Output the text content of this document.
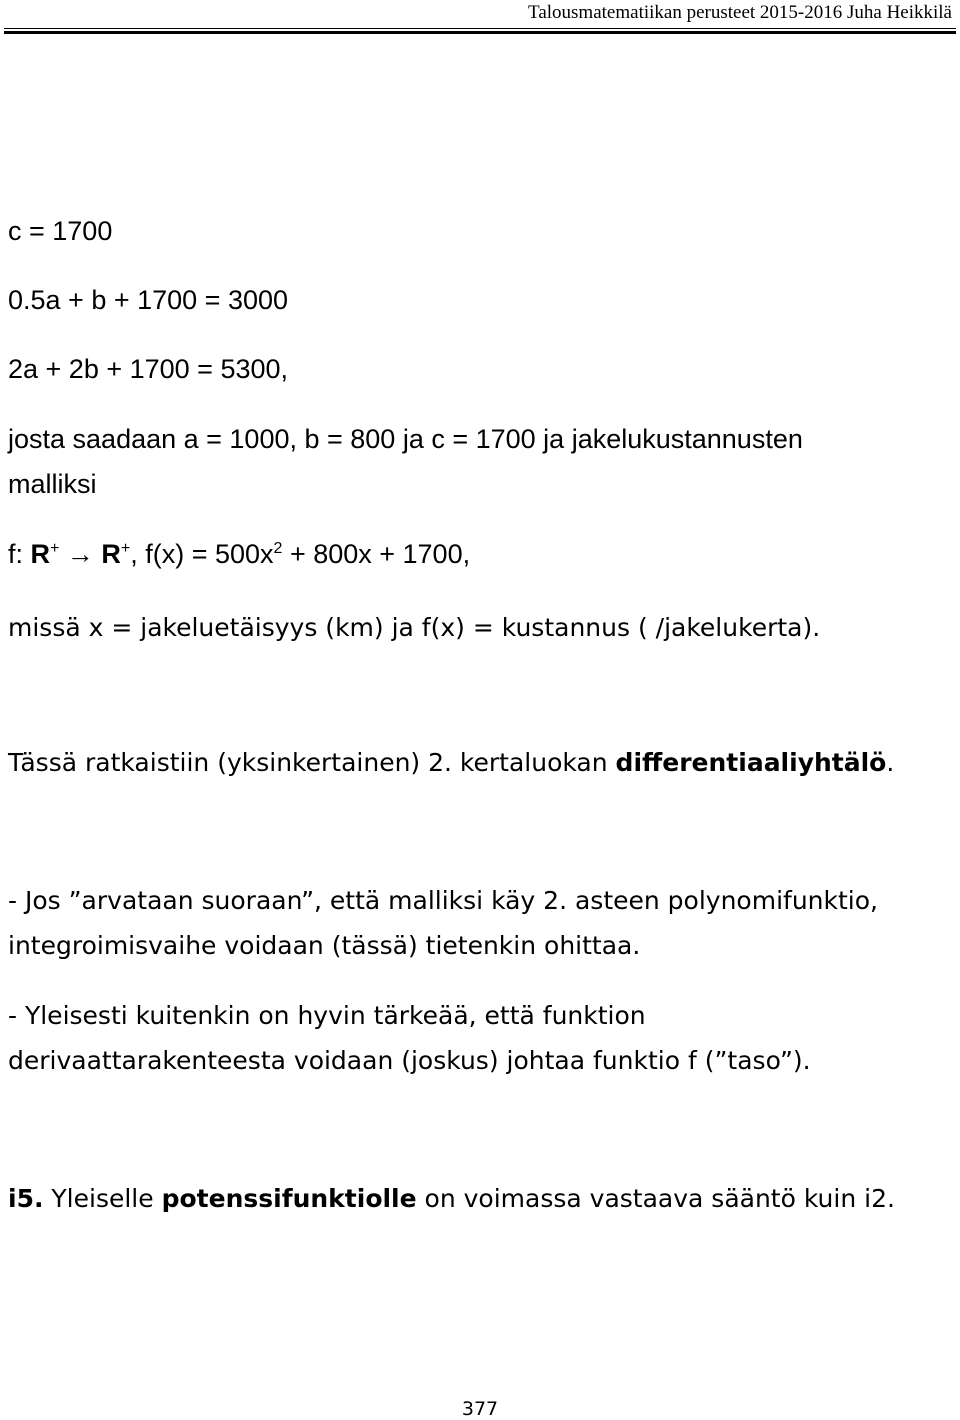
Talousmatematiikan perusteet 2015-2016 Juha Heikkilä
c = 1700
0.5a + b + 1700 = 3000
2a + 2b + 1700 = 5300,
josta saadaan a = 1000, b = 800 ja c = 1700 ja jakelukustannusten
malliksi
f: R+ → R+, $f(x) = 500x^2 + 800x + 1700$,
missä x = jakeluetäisyys (km) ja f(x) = kustannus ( /jakelukerta).
Tässä ratkaistiin (yksinkertainen) 2. kertaluokan differentiaaliyhtälö.
- Jos ”arvataan suoraan”, että malliksi käy 2. asteen polynomifunktio,
integroimisvaihe voidaan (tässä) tietenkin ohittaa.
- Yleisesti kuitenkin on hyvin tärkeää, että funktion
derivaattarakenteesta voidaan (joskus) johtaa funktio f (”taso”).
i5. Yleiselle potenssifunktiolle on voimassa vastaava sääntö kuin i2.
377
